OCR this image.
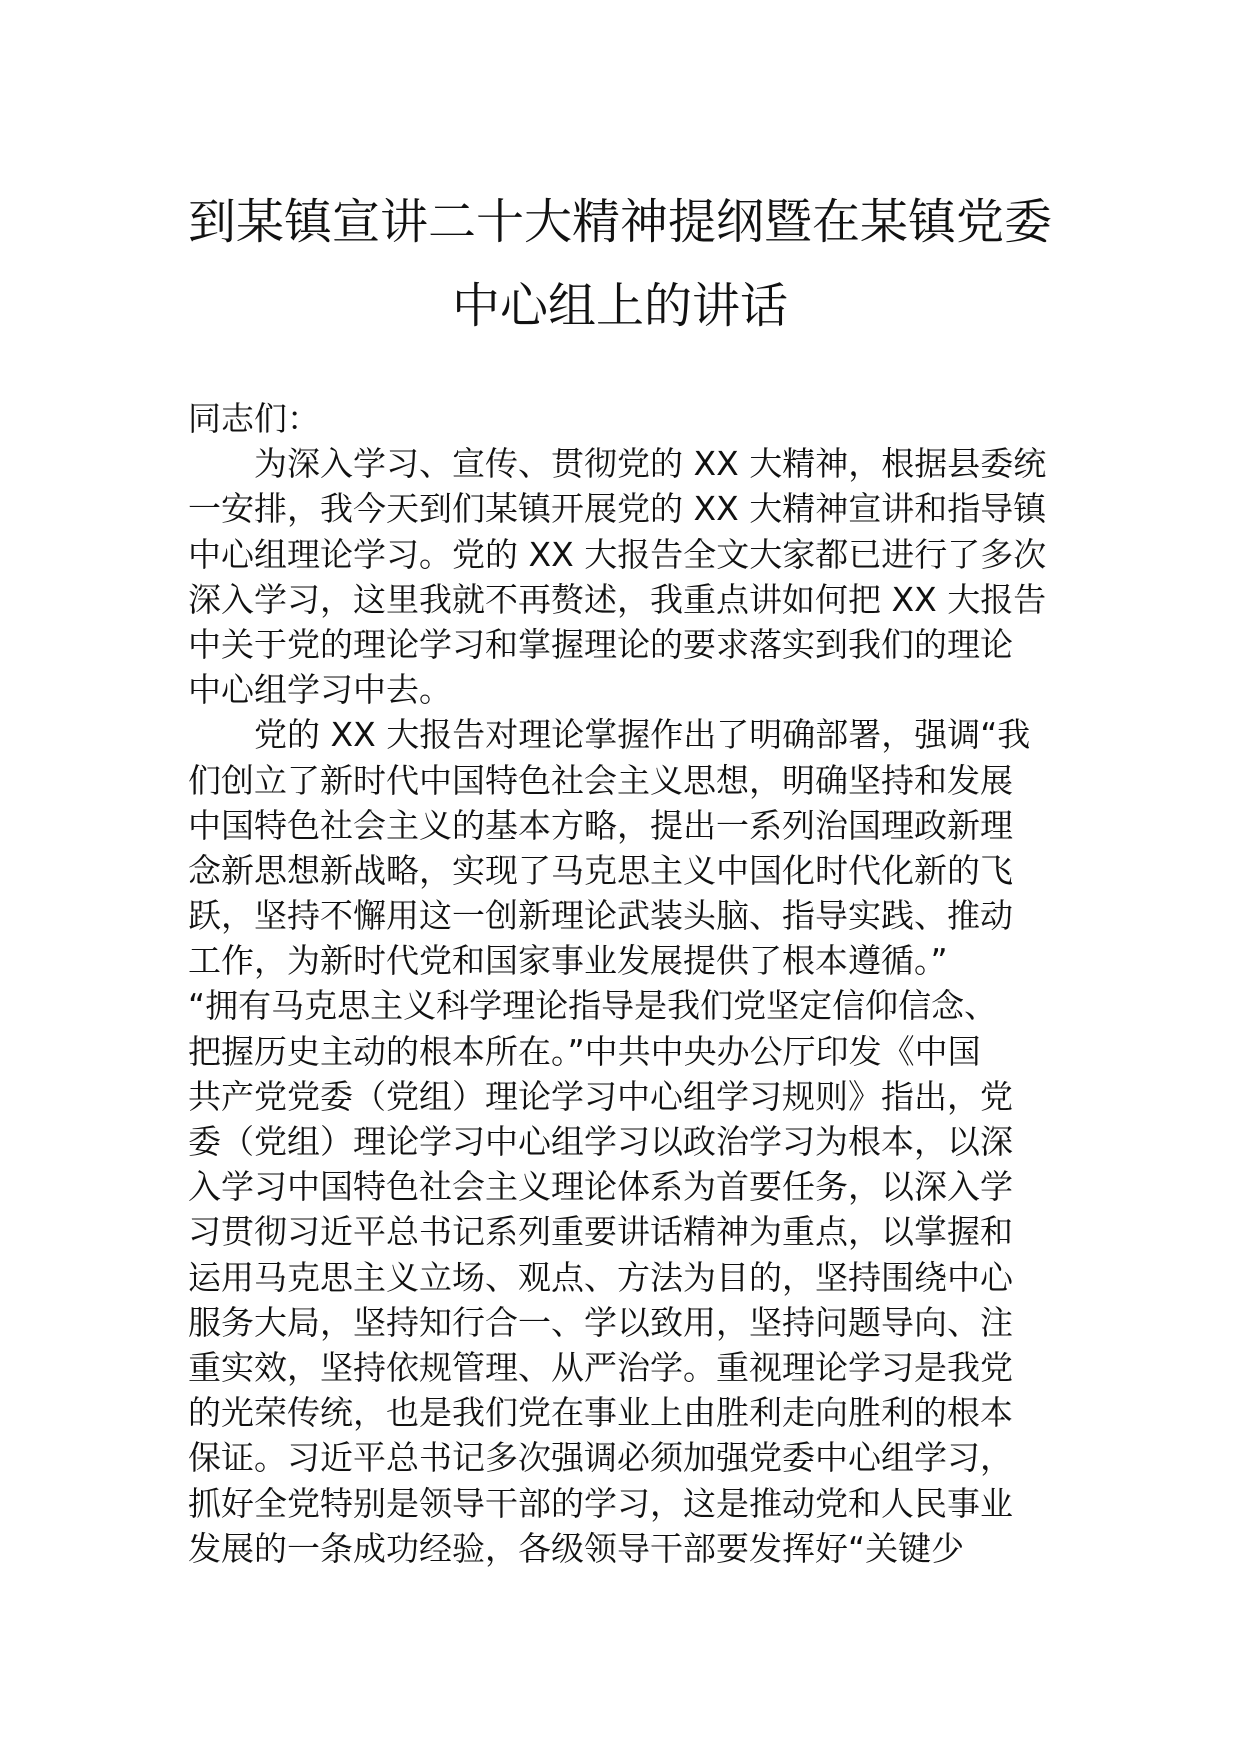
到某镇宣讲二十大精神提纲暨在某镇党委
中心组上的讲话
同志们：
为深入学习、宣传、贯彻党的 XX 大精神，根据县委统
一安排，我今天到们某镇开展党的 XX 大精神宣讲和指导镇
中心组理论学习。党的 XX 大报告全文大家都已进行了多次
深入学习，这里我就不再赘述，我重点讲如何把 XX 大报告
中关于党的理论学习和掌握理论的要求落实到我们的理论
中心组学习中去。
党的 XX 大报告对理论掌握作出了明确部署，强调“我
们创立了新时代中国特色社会主义思想，明确坚持和发展
中国特色社会主义的基本方略，提出一系列治国理政新理
念新思想新战略，实现了马克思主义中国化时代化新的飞
跃，坚持不懈用这一创新理论武装头脑、指导实践、推动
工作，为新时代党和国家事业发展提供了根本遵循。”
“拥有马克思主义科学理论指导是我们党坚定信仰信念、
把握历史主动的根本所在。”中共中央办公厅印发《中国
共产党党委（党组）理论学习中心组学习规则》指出，党
委（党组）理论学习中心组学习以政治学习为根本，以深
入学习中国特色社会主义理论体系为首要任务，以深入学
习贯彻习近平总书记系列重要讲话精神为重点，以掌握和
运用马克思主义立场、观点、方法为目的，坚持围绕中心
服务大局，坚持知行合一、学以致用，坚持问题导向、注
重实效，坚持依规管理、从严治学。重视理论学习是我党
的光荣传统，也是我们党在事业上由胜利走向胜利的根本
保证。习近平总书记多次强调必须加强党委中心组学习，
抓好全党特别是领导干部的学习，这是推动党和人民事业
发展的一条成功经验，各级领导干部要发挥好“关键少
